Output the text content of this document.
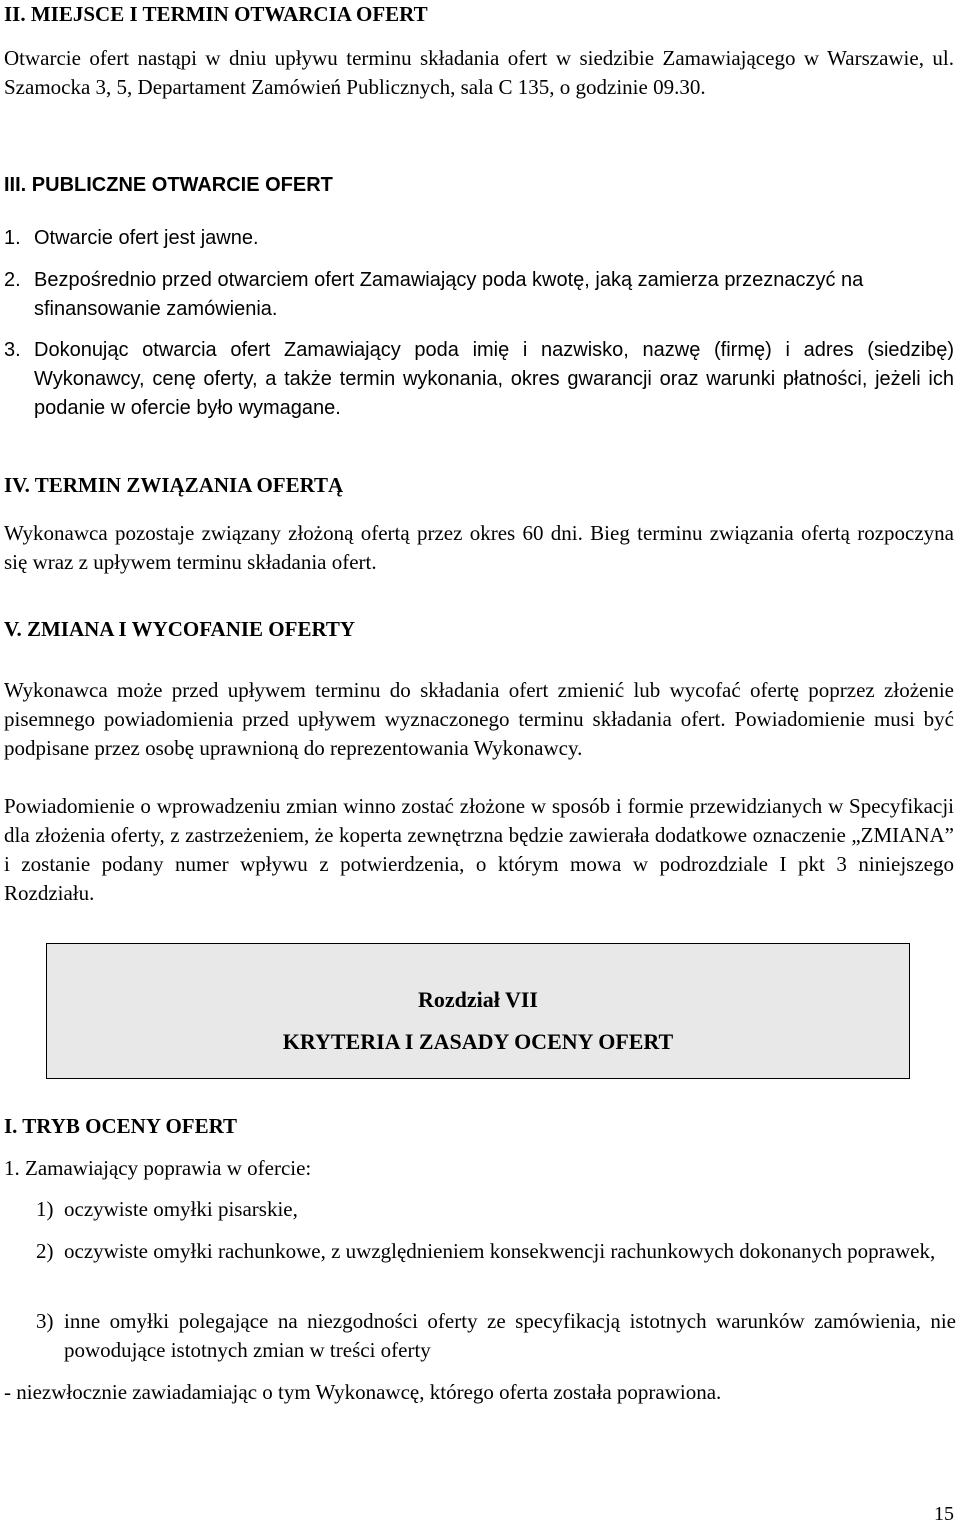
II. MIEJSCE I TERMIN OTWARCIA OFERT
Otwarcie ofert nastąpi w dniu upływu terminu składania ofert w siedzibie Zamawiającego w Warszawie, ul. Szamocka 3, 5, Departament Zamówień Publicznych, sala C 135, o godzinie 09.30.
III. PUBLICZNE OTWARCIE OFERT
1. Otwarcie ofert jest jawne.
2. Bezpośrednio przed otwarciem ofert Zamawiający poda kwotę, jaką zamierza przeznaczyć na sfinansowanie zamówienia.
3. Dokonując otwarcia ofert Zamawiający poda imię i nazwisko, nazwę (firmę) i adres (siedzibę) Wykonawcy, cenę oferty, a także termin wykonania, okres gwarancji oraz warunki płatności, jeżeli ich podanie w ofercie było wymagane.
IV. TERMIN ZWIĄZANIA OFERTĄ
Wykonawca pozostaje związany złożoną ofertą przez okres 60 dni. Bieg terminu związania ofertą rozpoczyna się wraz z upływem terminu składania ofert.
V. ZMIANA I WYCOFANIE OFERTY
Wykonawca może przed upływem terminu do składania ofert zmienić lub wycofać ofertę poprzez złożenie pisemnego powiadomienia przed upływem wyznaczonego terminu składania ofert. Powiadomienie musi być podpisane przez osobę uprawnioną do reprezentowania Wykonawcy.
Powiadomienie o wprowadzeniu zmian winno zostać złożone w sposób i formie przewidzianych w Specyfikacji dla złożenia oferty, z zastrzeżeniem, że koperta zewnętrzna będzie zawierała dodatkowe oznaczenie „ZMIANA” i zostanie podany numer wpływu z potwierdzenia, o którym mowa w podrozdziale I pkt 3 niniejszego Rozdziału.
Rozdział VII
KRYTERIA I ZASADY OCENY OFERT
I. TRYB OCENY OFERT
1. Zamawiający poprawia w ofercie:
1) oczywiste omyłki pisarskie,
2) oczywiste omyłki rachunkowe, z uwzględnieniem konsekwencji rachunkowych dokonanych poprawek,
3) inne omyłki polegające na niezgodności oferty ze specyfikacją istotnych warunków zamówienia, nie powodujące istotnych zmian w treści oferty
- niezwłocznie zawiadamiając o tym Wykonawcę, którego oferta została poprawiona.
15
